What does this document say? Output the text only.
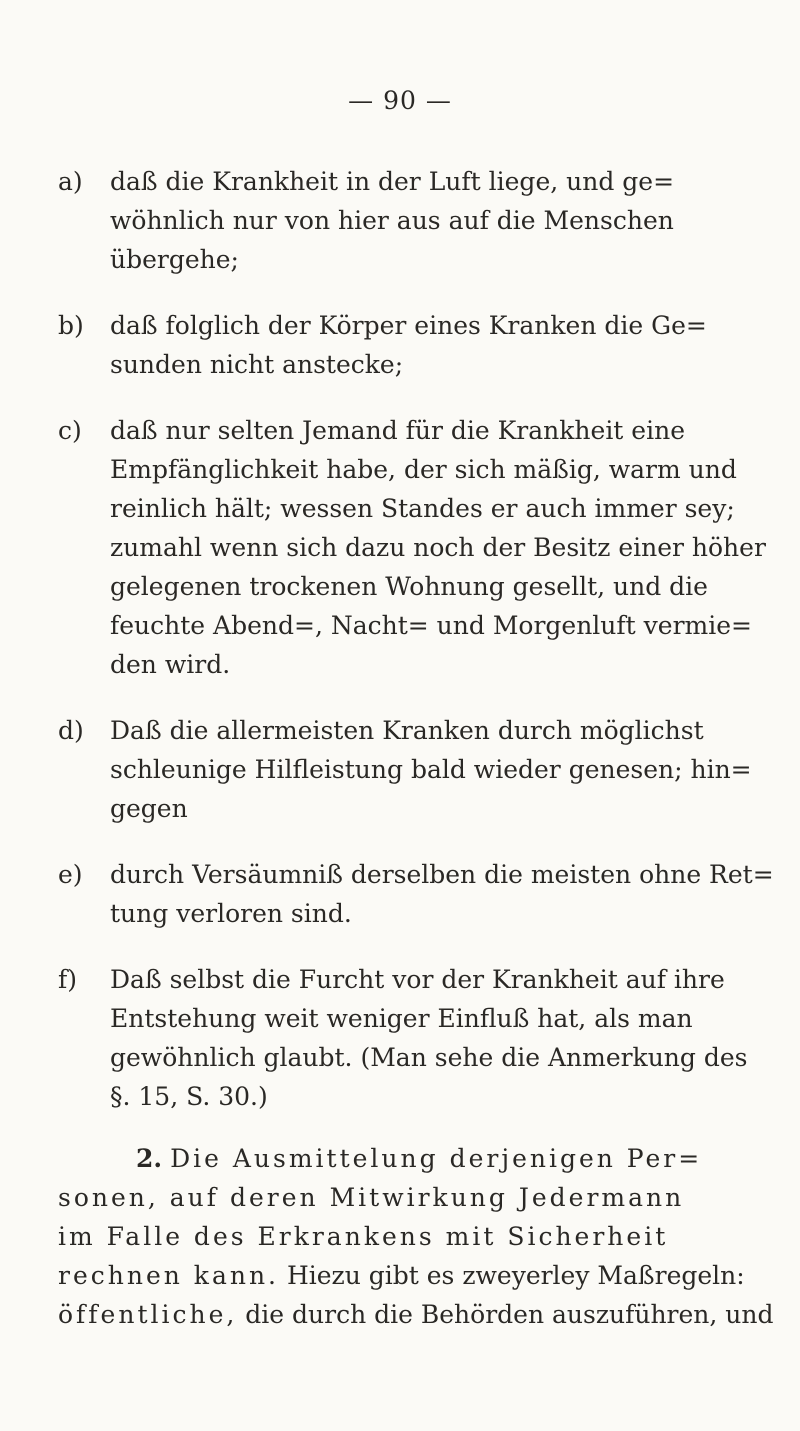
— 90 —
a) daß die Krankheit in der Luft liege, und ge=
wöhnlich nur von hier aus auf die Menschen
übergehe;
b) daß folglich der Körper eines Kranken die Ge=
sunden nicht anstecke;
c) daß nur selten Jemand für die Krankheit eine
Empfänglichkeit habe, der sich mäßig, warm und
reinlich hält; wessen Standes er auch immer sey;
zumahl wenn sich dazu noch der Besitz einer höher
gelegenen trockenen Wohnung gesellt, und die
feuchte Abend=, Nacht= und Morgenluft vermie=
den wird.
d) Daß die allermeisten Kranken durch möglichst
schleunige Hilfleistung bald wieder genesen; hin=
gegen
e) durch Versäumniß derselben die meisten ohne Ret=
tung verloren sind.
f) Daß selbst die Furcht vor der Krankheit auf ihre
Entstehung weit weniger Einfluß hat, als man
gewöhnlich glaubt. (Man sehe die Anmerkung des
§. 15, S. 30.)
2. Die Ausmittelung derjenigen Per=
sonen, auf deren Mitwirkung Jedermann
im Falle des Erkrankens mit Sicherheit
rechnen kann. Hiezu gibt es zweyerley Maßregeln:
öffentliche, die durch die Behörden auszuführen, und
